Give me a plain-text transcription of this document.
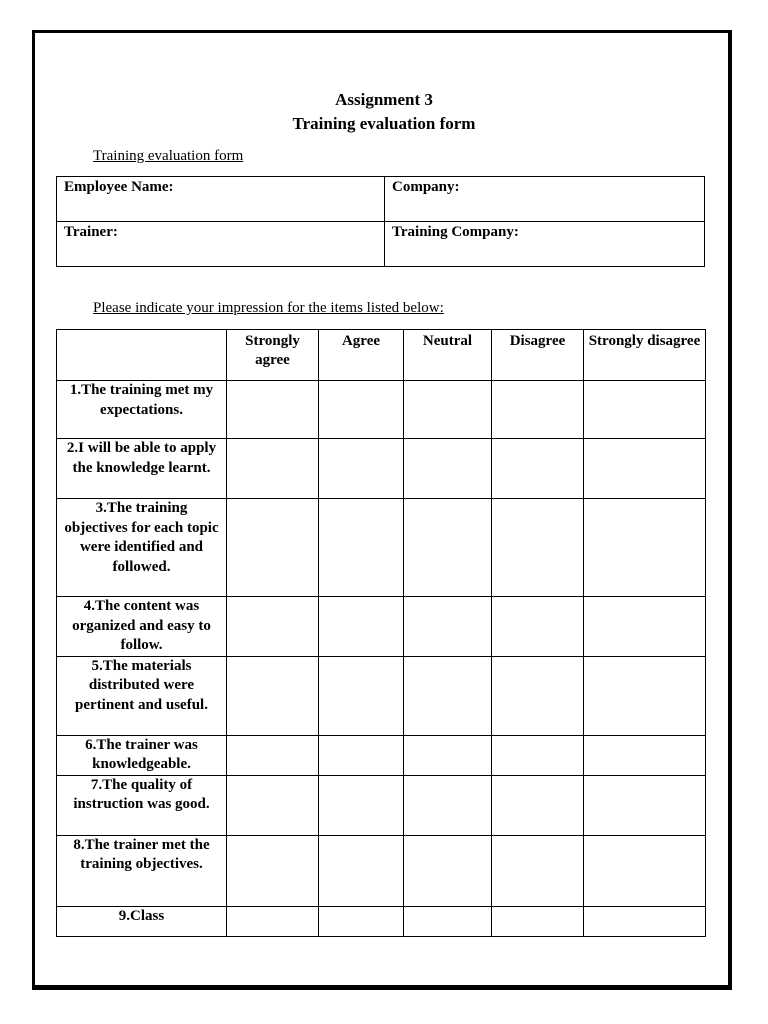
Assignment 3
Training evaluation form
Training evaluation form
Employee Name:	Company:
Trainer:	Training Company:
Please indicate your impression for the items listed below:
	Strongly agree	Agree	Neutral	Disagree	Strongly disagree
1.The training met my expectations.					
2.I will be able to apply the knowledge learnt.					
3.The training objectives for each topic were identified and followed.					
4.The content was organized and easy to follow.					
5.The materials distributed were pertinent and useful.					
6.The trainer was knowledgeable.					
7.The quality of instruction was good.					
8.The trainer met the training objectives.					
9.Class					
